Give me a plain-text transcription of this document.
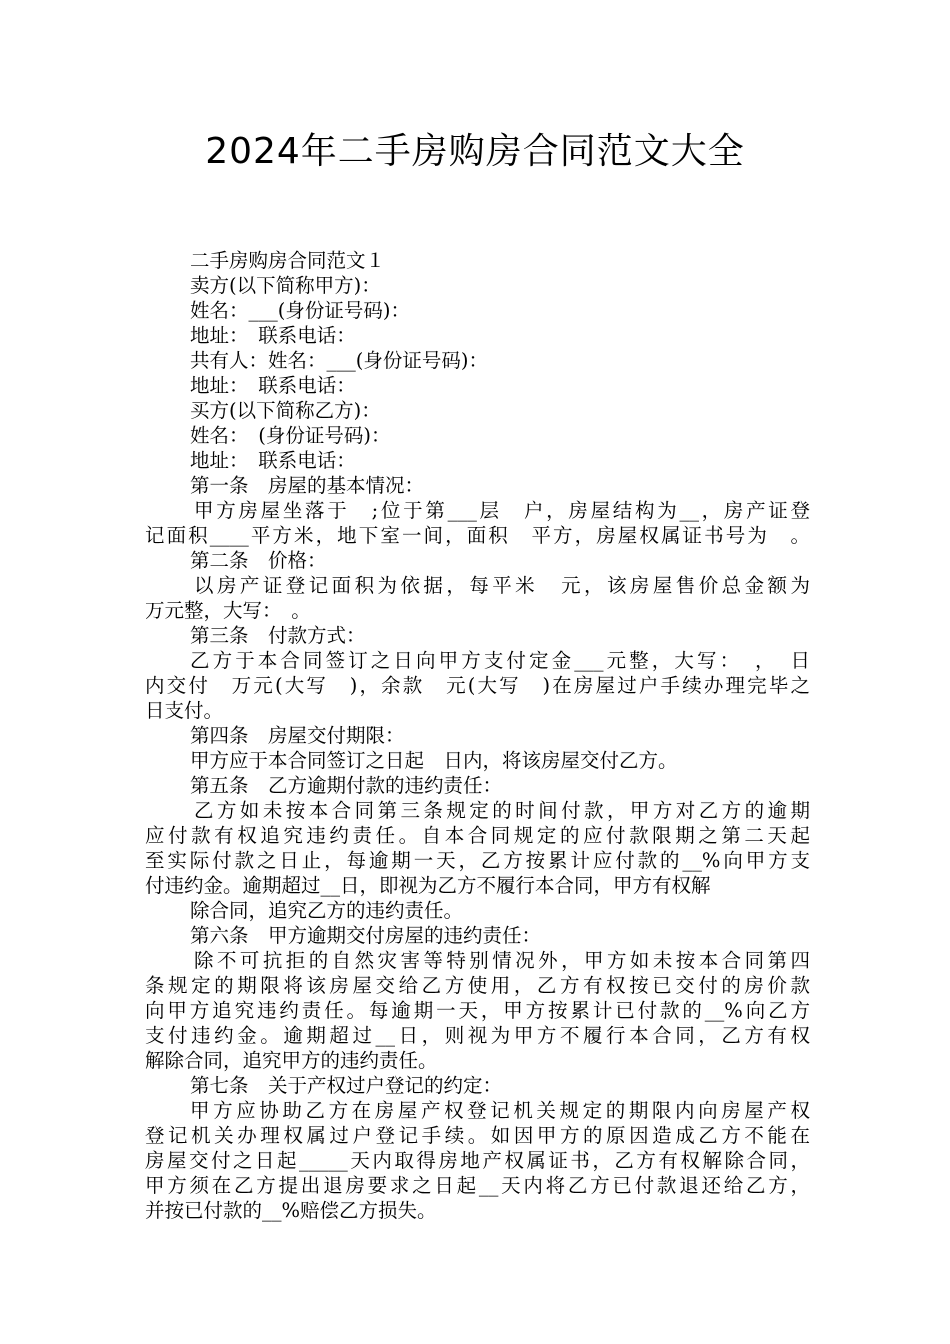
2024年二手房购房合同范文大全
二手房购房合同范文１
卖方(以下简称甲方)：
姓名：___(身份证号码)：
地址：　联系电话：
共有人：姓名：___(身份证号码)：
地址：　联系电话：
买方(以下简称乙方)：
姓名：　(身份证号码)：
地址：　联系电话：
第一条　房屋的基本情况：
甲方房屋坐落于　;位于第___层　户，房屋结构为__，房产证登
记面积____平方米，地下室一间，面积　平方，房屋权属证书号为　。
第二条　价格：
以房产证登记面积为依据，每平米　元，该房屋售价总金额为
万元整，大写：　。
第三条　付款方式：
乙方于本合同签订之日向甲方支付定金___元整，大写：　，　日
内交付　万元(大写　)，余款　元(大写　)在房屋过户手续办理完毕之
日支付。
第四条　房屋交付期限：
甲方应于本合同签订之日起　日内，将该房屋交付乙方。
第五条　乙方逾期付款的违约责任：
乙方如未按本合同第三条规定的时间付款，甲方对乙方的逾期
应付款有权追究违约责任。自本合同规定的应付款限期之第二天起
至实际付款之日止，每逾期一天，乙方按累计应付款的__%向甲方支
付违约金。逾期超过__日，即视为乙方不履行本合同，甲方有权解
除合同，追究乙方的违约责任。
第六条　甲方逾期交付房屋的违约责任：
除不可抗拒的自然灾害等特别情况外，甲方如未按本合同第四
条规定的期限将该房屋交给乙方使用，乙方有权按已交付的房价款
向甲方追究违约责任。每逾期一天，甲方按累计已付款的__%向乙方
支付违约金。逾期超过__日，则视为甲方不履行本合同，乙方有权
解除合同，追究甲方的违约责任。
第七条　关于产权过户登记的约定：
甲方应协助乙方在房屋产权登记机关规定的期限内向房屋产权
登记机关办理权属过户登记手续。如因甲方的原因造成乙方不能在
房屋交付之日起_____天内取得房地产权属证书，乙方有权解除合同，
甲方须在乙方提出退房要求之日起__天内将乙方已付款退还给乙方，
并按已付款的__%赔偿乙方损失。
